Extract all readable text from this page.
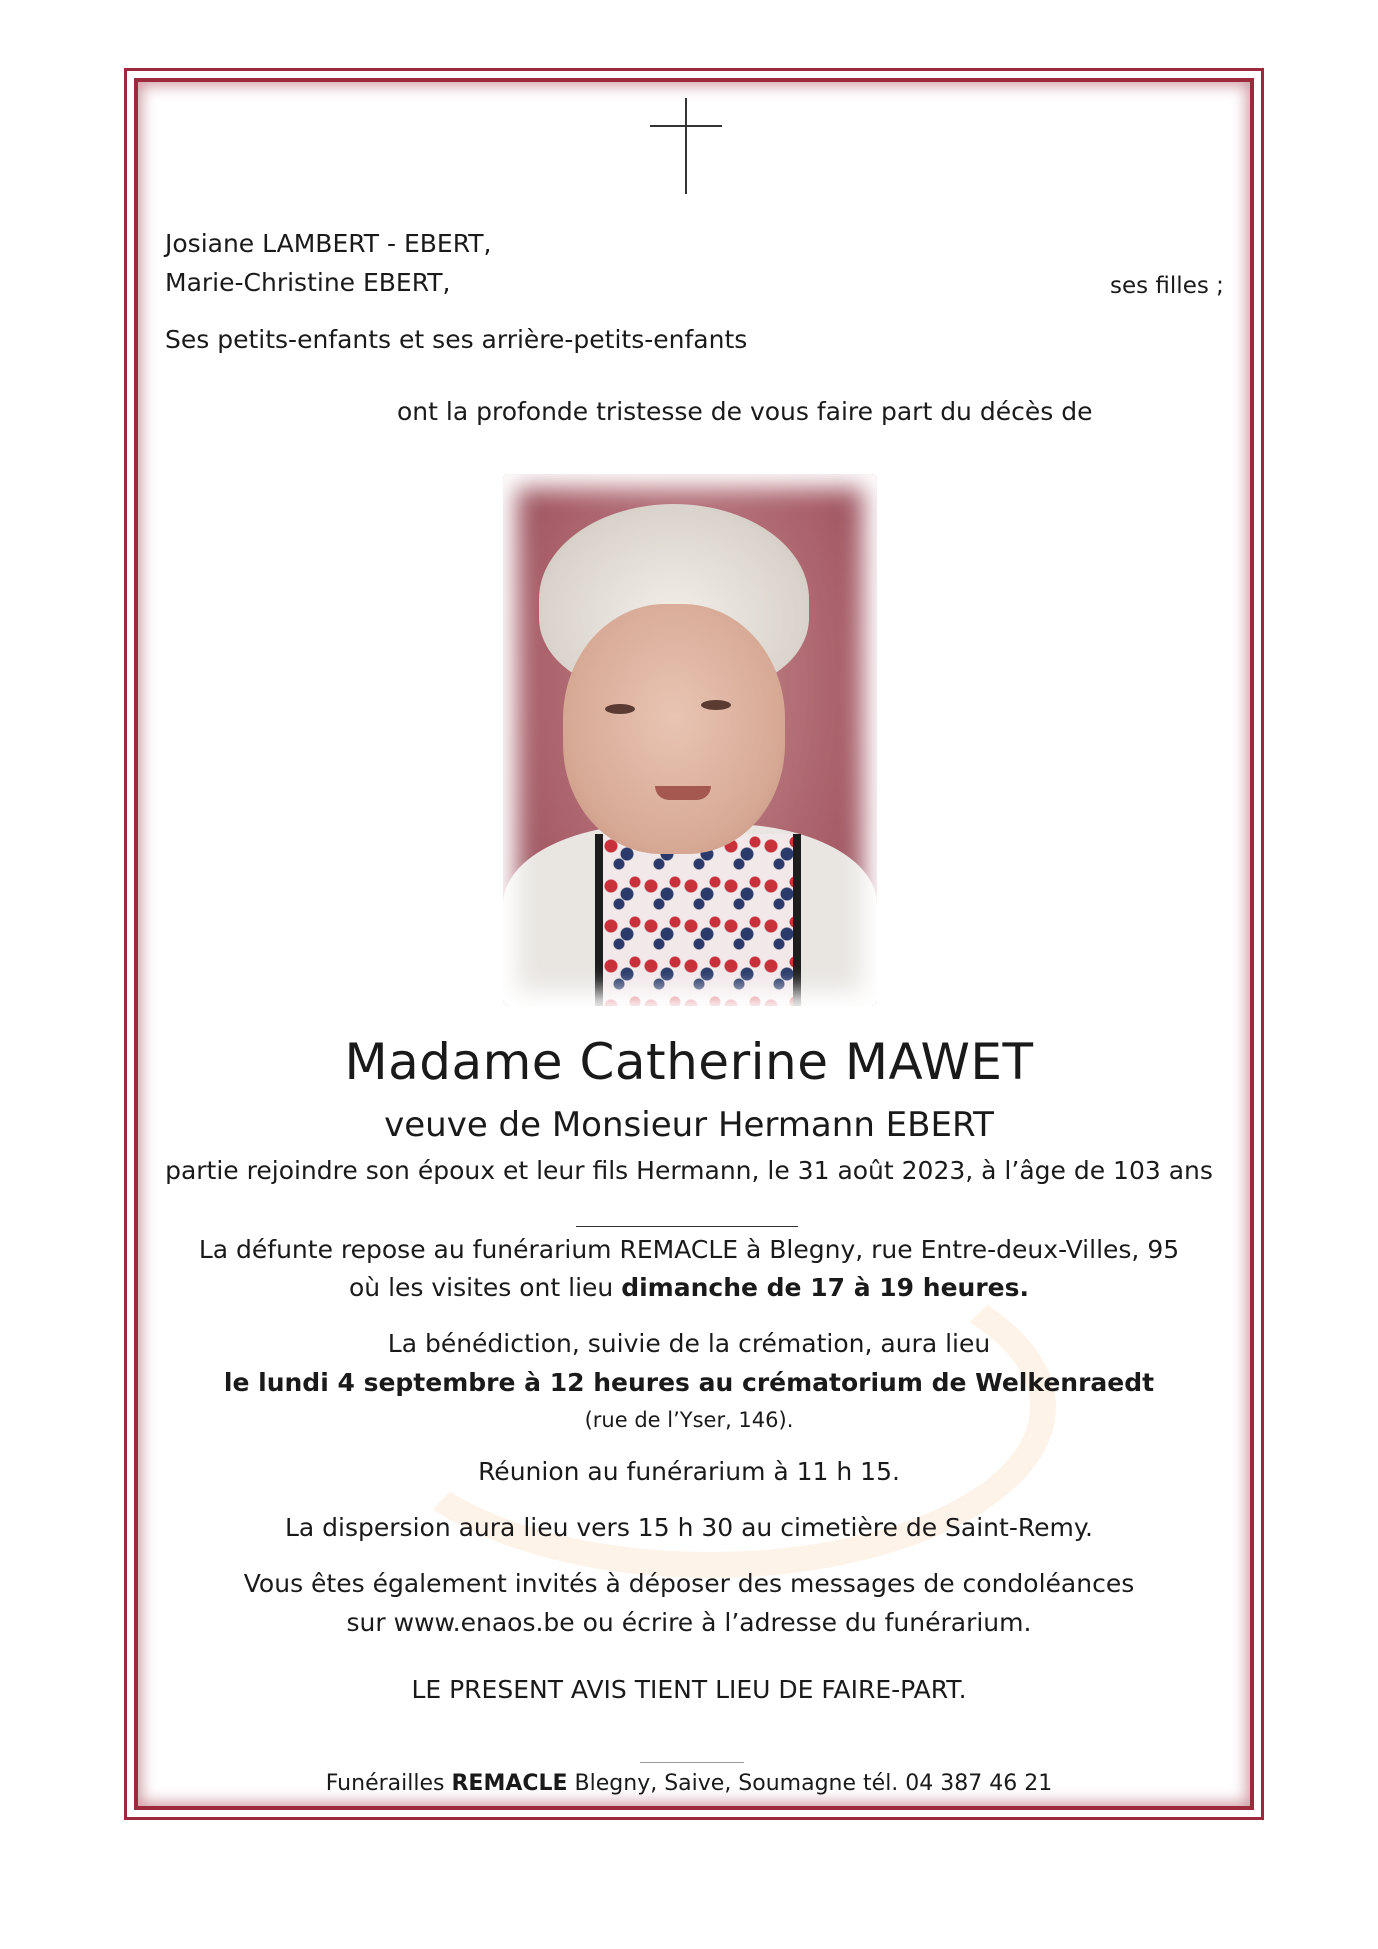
Josiane LAMBERT - EBERT,
Marie-Christine EBERT,	ses filles ;
Ses petits-enfants et ses arrière-petits-enfants
ont la profonde tristesse de vous faire part du décès de
Madame Catherine MAWET
veuve de Monsieur Hermann EBERT
partie rejoindre son époux et leur fils Hermann, le 31 août 2023, à l’âge de 103 ans
La défunte repose au funérarium REMACLE à Blegny, rue Entre-deux-Villes, 95
où les visites ont lieu dimanche de 17 à 19 heures.
La bénédiction, suivie de la crémation, aura lieu
le lundi 4 septembre à 12 heures au crématorium de Welkenraedt
(rue de l’Yser, 146).
Réunion au funérarium à 11 h 15.
La dispersion aura lieu vers 15 h 30 au cimetière de Saint-Remy.
Vous êtes également invités à déposer des messages de condoléances
sur www.enaos.be ou écrire à l’adresse du funérarium.
LE PRESENT AVIS TIENT LIEU DE FAIRE-PART.
Funérailles REMACLE Blegny, Saive, Soumagne tél. 04 387 46 21
